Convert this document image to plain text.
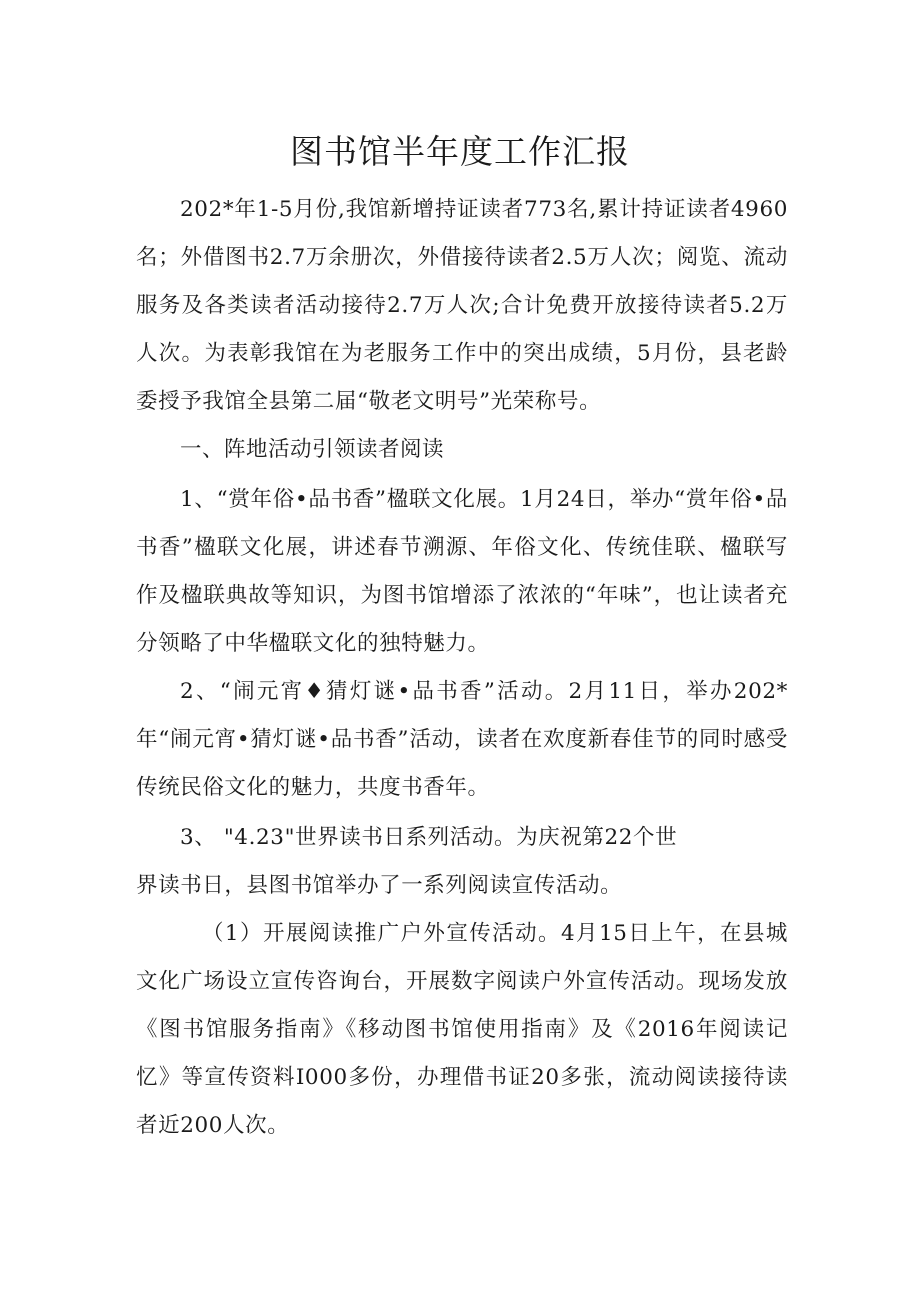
图书馆半年度工作汇报

202*年1-5月份,我馆新增持证读者773名,累计持证读者4960名；外借图书2.7万余册次，外借接待读者2.5万人次；阅览、流动服务及各类读者活动接待2.7万人次;合计免费开放接待读者5.2万人次。为表彰我馆在为老服务工作中的突出成绩，5月份，县老龄委授予我馆全县第二届“敬老文明号”光荣称号。

一、阵地活动引领读者阅读

1、“赏年俗•品书香”楹联文化展。1月24日，举办“赏年俗•品书香”楹联文化展，讲述春节溯源、年俗文化、传统佳联、楹联写作及楹联典故等知识，为图书馆增添了浓浓的“年味”，也让读者充分领略了中华楹联文化的独特魅力。

2、“闹元宵♦猜灯谜•品书香”活动。2月11日，举办202*年“闹元宵•猜灯谜•品书香”活动，读者在欢度新春佳节的同时感受传统民俗文化的魅力，共度书香年。

3、 "4.23"世界读书日系列活动。为庆祝第22个世

界读书日，县图书馆举办了一系列阅读宣传活动。

（1）开展阅读推广户外宣传活动。4月15日上午，在县城文化广场设立宣传咨询台，开展数字阅读户外宣传活动。现场发放《图书馆服务指南》《移动图书馆使用指南》及《2016年阅读记忆》等宣传资料I000多份，办理借书证20多张，流动阅读接待读者近200人次。
